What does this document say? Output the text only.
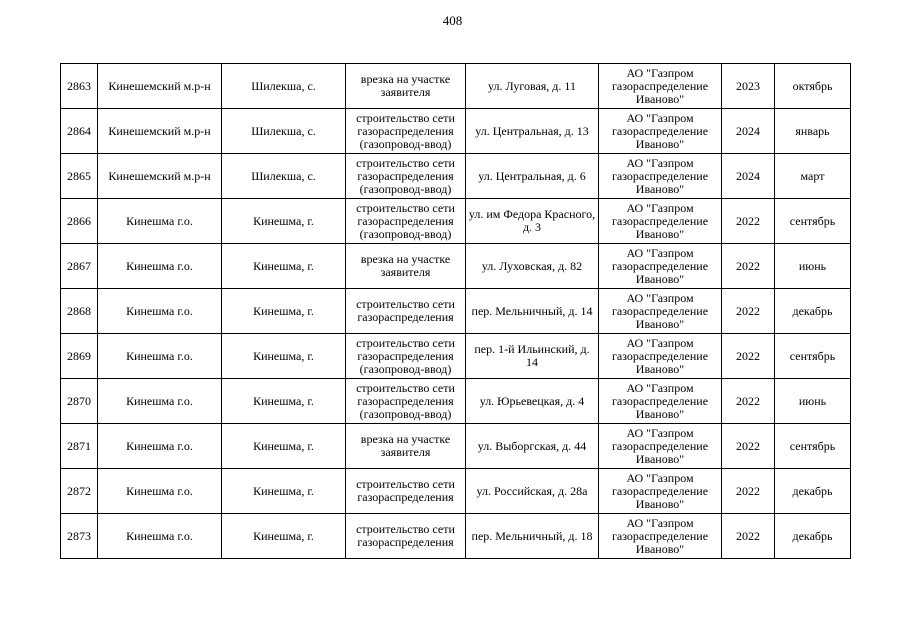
408
2863	Кинешемский м.р-н	Шилекша, с.	врезка на участке заявителя	ул. Луговая, д. 11	АО "Газпром газораспределение Иваново"	2023	октябрь
2864	Кинешемский м.р-н	Шилекша, с.	строительство сети газораспределения (газопровод-ввод)	ул. Центральная, д. 13	АО "Газпром газораспределение Иваново"	2024	январь
2865	Кинешемский м.р-н	Шилекша, с.	строительство сети газораспределения (газопровод-ввод)	ул. Центральная, д. 6	АО "Газпром газораспределение Иваново"	2024	март
2866	Кинешма г.о.	Кинешма, г.	строительство сети газораспределения (газопровод-ввод)	ул. им Федора Красного, д. 3	АО "Газпром газораспределение Иваново"	2022	сентябрь
2867	Кинешма г.о.	Кинешма, г.	врезка на участке заявителя	ул. Луховская, д. 82	АО "Газпром газораспределение Иваново"	2022	июнь
2868	Кинешма г.о.	Кинешма, г.	строительство сети газораспределения	пер. Мельничный, д. 14	АО "Газпром газораспределение Иваново"	2022	декабрь
2869	Кинешма г.о.	Кинешма, г.	строительство сети газораспределения (газопровод-ввод)	пер. 1-й Ильинский, д. 14	АО "Газпром газораспределение Иваново"	2022	сентябрь
2870	Кинешма г.о.	Кинешма, г.	строительство сети газораспределения (газопровод-ввод)	ул. Юрьевецкая, д. 4	АО "Газпром газораспределение Иваново"	2022	июнь
2871	Кинешма г.о.	Кинешма, г.	врезка на участке заявителя	ул. Выборгская, д. 44	АО "Газпром газораспределение Иваново"	2022	сентябрь
2872	Кинешма г.о.	Кинешма, г.	строительство сети газораспределения	ул. Российская, д. 28а	АО "Газпром газораспределение Иваново"	2022	декабрь
2873	Кинешма г.о.	Кинешма, г.	строительство сети газораспределения	пер. Мельничный, д. 18	АО "Газпром газораспределение Иваново"	2022	декабрь
